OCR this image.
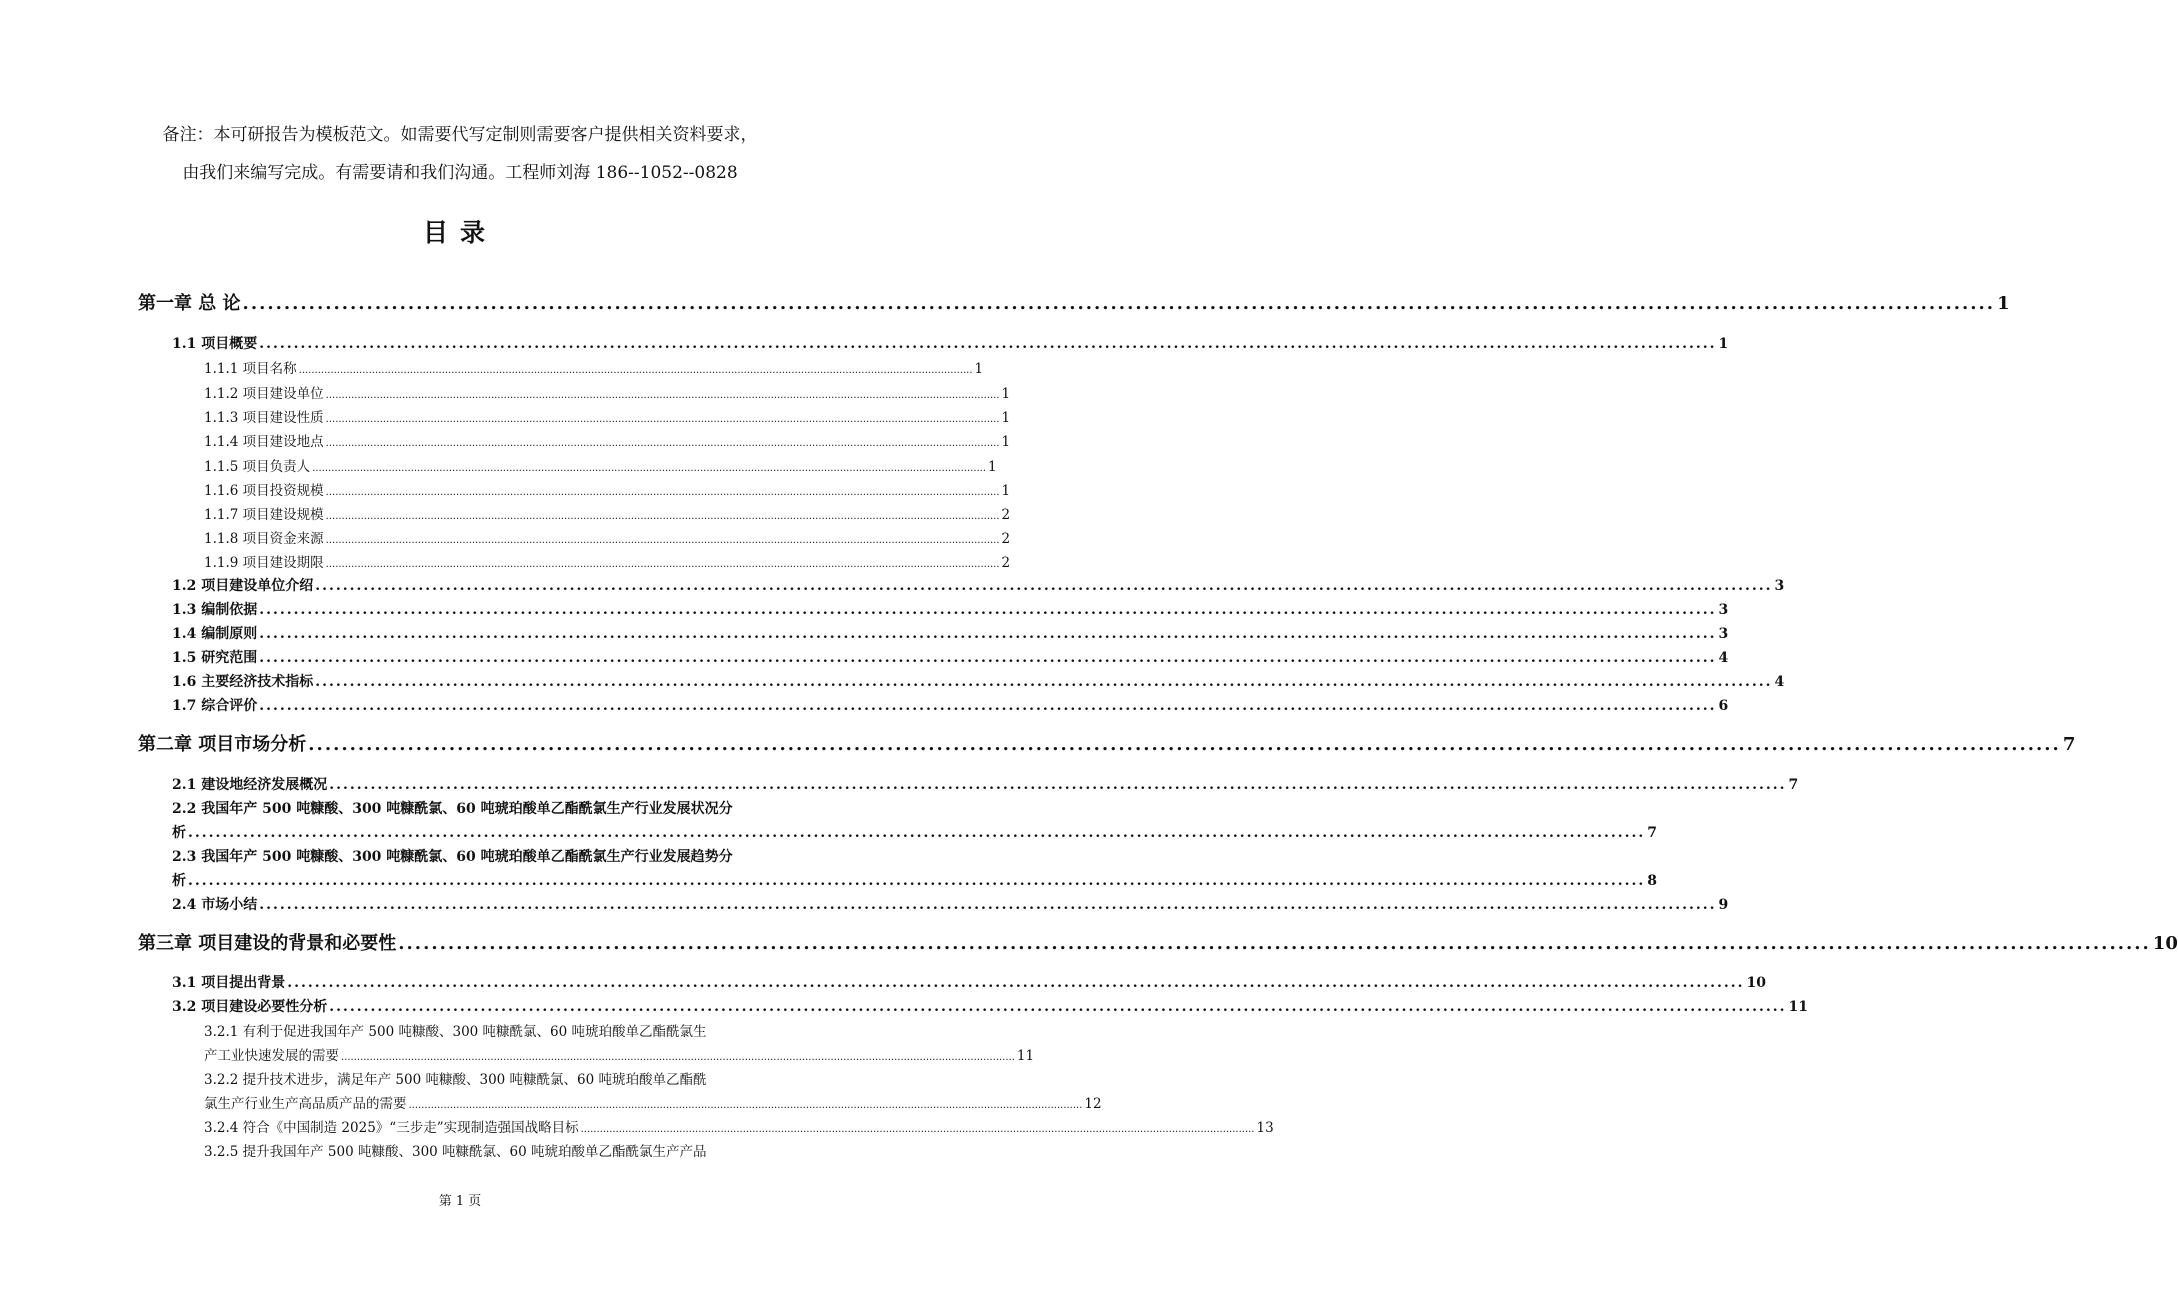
备注：本可研报告为模板范文。如需要代写定制则需要客户提供相关资料要求，
由我们来编写完成。有需要请和我们沟通。工程师刘海 186--1052--0828
目录
第一章 总 论 .................................................................................................................................................................................................................... 1
1.1 项目概要 .................................................................................................................................................................................................................... 1
1.1.1 项目名称 .................................................................................................................................................................................................................... 1
1.1.2 项目建设单位 .................................................................................................................................................................................................................... 1
1.1.3 项目建设性质 .................................................................................................................................................................................................................... 1
1.1.4 项目建设地点 .................................................................................................................................................................................................................... 1
1.1.5 项目负责人 .................................................................................................................................................................................................................... 1
1.1.6 项目投资规模 .................................................................................................................................................................................................................... 1
1.1.7 项目建设规模 .................................................................................................................................................................................................................... 2
1.1.8 项目资金来源 .................................................................................................................................................................................................................... 2
1.1.9 项目建设期限 .................................................................................................................................................................................................................... 2
1.2 项目建设单位介绍 .................................................................................................................................................................................................................... 3
1.3 编制依据 .................................................................................................................................................................................................................... 3
1.4 编制原则 .................................................................................................................................................................................................................... 3
1.5 研究范围 .................................................................................................................................................................................................................... 4
1.6 主要经济技术指标 .................................................................................................................................................................................................................... 4
1.7 综合评价 .................................................................................................................................................................................................................... 6
第二章 项目市场分析 .................................................................................................................................................................................................................... 7
2.1 建设地经济发展概况 .................................................................................................................................................................................................................... 7
2.2 我国年产 500 吨糠酸、300 吨糠酰氯、60 吨琥珀酸单乙酯酰氯生产行业发展状况分
析 .................................................................................................................................................................................................................... 7
2.3 我国年产 500 吨糠酸、300 吨糠酰氯、60 吨琥珀酸单乙酯酰氯生产行业发展趋势分
析 .................................................................................................................................................................................................................... 8
2.4 市场小结 .................................................................................................................................................................................................................... 9
第三章 项目建设的背景和必要性 .................................................................................................................................................................................................................... 10
3.1 项目提出背景 .................................................................................................................................................................................................................... 10
3.2 项目建设必要性分析 .................................................................................................................................................................................................................... 11
3.2.1 有利于促进我国年产 500 吨糠酸、300 吨糠酰氯、60 吨琥珀酸单乙酯酰氯生
产工业快速发展的需要 .................................................................................................................................................................................................................... 11
3.2.2 提升技术进步，满足年产 500 吨糠酸、300 吨糠酰氯、60 吨琥珀酸单乙酯酰
氯生产行业生产高品质产品的需要 .................................................................................................................................................................................................................... 12
3.2.4 符合《中国制造 2025》“三步走”实现制造强国战略目标 .................................................................................................................................................................................................................... 13
3.2.5 提升我国年产 500 吨糠酸、300 吨糠酰氯、60 吨琥珀酸单乙酯酰氯生产产品
第 1 页
